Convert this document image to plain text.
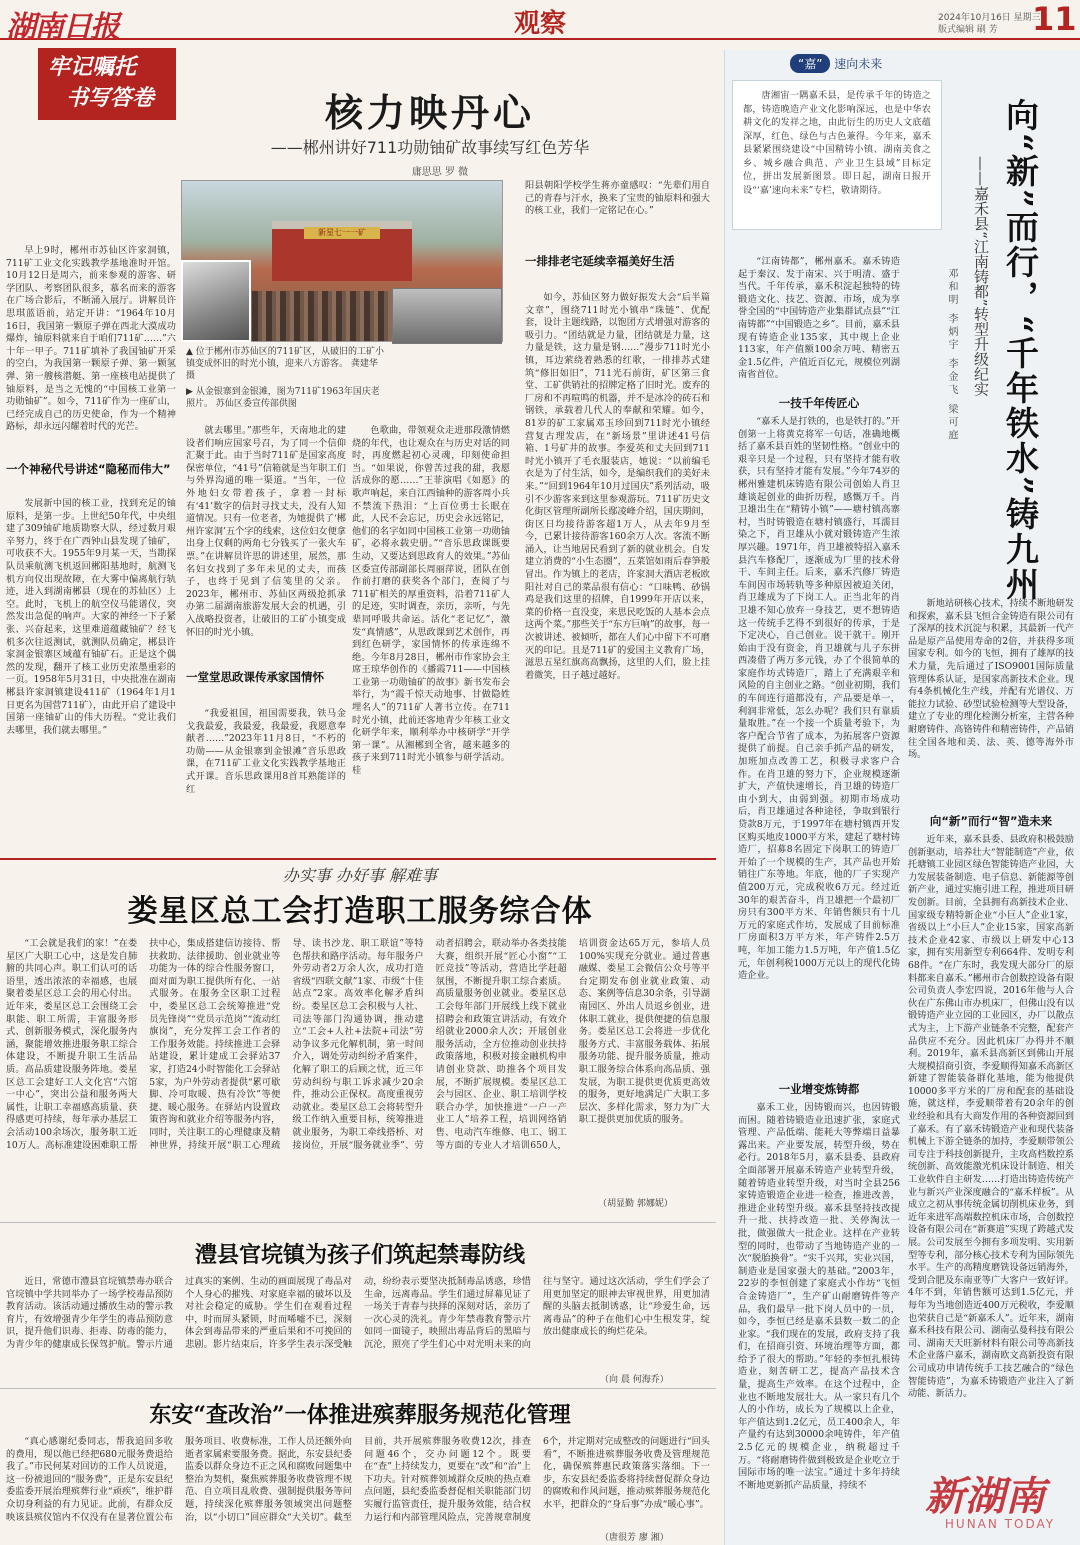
湖南日报	观察	2024年10月16日 星期三
版式编辑 刷 芳 11
牢记嘱托
书写答卷	核力映丹心
——郴州讲好711功勋铀矿故事续写红色芳华
庸思思 罗 微
新星七一一矿
▲ 位于郴州市苏仙区的711矿区，从破旧的工矿小镇变成怀旧的时光小镇，迎来八方游客。 龚建华 摄
▶ 从金银寨到金银滩，图为711矿1963年国庆老照片。 苏仙区委宣传部供图

早上9时，郴州市苏仙区许家洞镇，711矿工业文化实践教学基地准时开馆。10月12日是周六，前来参观的游客、研学团队、考察团队很多，慕名而来的游客在广场合影后，不断涌入展厅。讲解员许思琪蓝语前，站定开讲：“1964年10月16日，我国第一颗原子弹在西北大漠成功爆炸，铀原料就来自于咱们711矿……”六十年一甲子。711矿填补了我国铀矿开采的空白，为我国第一颗原子弹、第一颗氢弹、第一艘核潜艇、第一座核电站提供了铀原料，是当之无愧的“中国核工业第一功勋铀矿”。如今，711矿作为一座矿山，已经完成自己的历史使命，作为一个精神路标，却永远闪耀着时代的光芒。

一个神秘代号讲述“隐秘而伟大”

发展新中国的核工业，找到充足的铀原料，是第一步。上世纪50年代，中央组建了309铀矿地质勘察大队，经过数月艰辛努力，终于在广西钟山县发现了铀矿，可收获不大。1955年9月某一天，当勘探队员乘航测飞机返回郴阳基地时，航测飞机方向仪出现故障，在大雾中偏离航行轨迹，进入到湖南郴县（现在的苏仙区）上空。此时，飞机上的航空仪马能谱仪，突然发出急促的响声。大家的神经一下子紧张、兴奋起来，这里难道蕴藏铀矿？经飞机多次往返测试，就测队员确定，郴县许家洞金银寨区域蕴有铀矿石。正是这个偶然的发现，翻开了核工业历史浓墨重彩的一页。1958年5月31日，中央批准在湖南郴县许家洞镇建设411矿（1964年1月1日更名为国营711矿），由此开启了建设中国第一座铀矿山的伟大历程。“党让我们去哪里，我们就去哪里。”

就去哪里。”那些年，天南地北的建设者们响应国家号召，为了同一个信仰汇聚于此。由于当时711矿是国家高度保密单位，“41号”信箱就是当年职工们与外界沟通的唯一渠道。“当年，一位外地妇女带着孩子，拿着一封标有‘41’数字的信封寻找丈夫，没有人知道情况。只有一位老者，为她提供了‘郴州许家洞’五个字的线索，这位妇女便拿出身上仅剩的两角七分钱买了一张火车票。”在讲解员许思的讲述里，展然，那名妇女找到了多年未见的丈夫，而孩子，也终于见到了信笺里的父亲。2023年，郴州市、苏仙区两级抢抓承办第二届湖南旅游发展大会的机遇，引入战略投资者，让破旧的工矿小镇变成怀旧的时光小镇。

一堂堂思政课传承家国情怀

“我爱祖国，祖国需要我，铁马金戈我最爱，我最爱，我最爱，我愿意奉献者……”2023年11月8日，“不朽的功勋——从金银寨到金银滩”音乐思政课，在711矿工业文化实践教学基地正式开课。音乐思政课用8首耳熟能详的红

色歌曲，带领观众走进那段激情燃烧的年代，也让观众在与历史对话的同时，再度燃起初心灵魂，印刻使命担当。“如果说，你曾苦过我的甜，我愿活成你的愿……”王菲演唱《如愿》的歌声响起，来自江西铀种的游客周小兵不禁流下热泪：“上百位勇士长眠在此，人民不会忘记，历史会永远铭记，他们的名字如同中国核工业第一功勋铀矿，必将永载史册。”“音乐思政课既要生动，又要达到思政育人的效果。”苏仙区委宣传部副部长周丽萍说，团队在创作前打磨的获奖各个部门，查阅了与711矿相关的厚重资料，沿着711矿人的足迹，实时调查，亲历，亲听，与先辈同呼吸共命运。活化“老记忆”，激发“真情感”，从思政课到艺术创作，再到红色研学，家国情怀的传承连绵不绝。今年8月28日，郴州市作家协会主席王琼华创作的《播霞711——中国核工业第一功勋铀矿的故事》新书发布会举行，为“霞千惊天动地事、甘做隐姓埋名人”的711矿人著书立传。在711时光小镇，此前还客地青少年核工业文化研学年来，顺利举办中核研学“开学第一课”。从湘郴到全省，越来越多的孩子来到711时光小镇参与研学活动。桂

阳县朝阳学校学生蒋亦童感叹：“先辈们用自己的青春与汗水，换来了宝贵的铀原料和强大的核工业，我们一定铭记在心。”

一排排老宅延续幸福美好生活

如今，苏仙区努力做好振发大会“后半篇文章”，围绕711时光小镇串“珠链”、优配套，设计主题线路，以饱团方式增强对游客的吸引力。“团结就是力量，团结就是力量，这力量是铁，这力量是钢……”漫步711时光小镇，耳边萦绕着熟悉的红歌，一排排苏式建筑“修旧如旧”，711光石前街，矿区第三食堂、工矿供销社的招牌定格了旧时光。废弃的厂房和不再喧鸣的机器，并不是冰冷的砖石和钢铁，承载着几代人的奉献和荣耀。如今，81岁的矿工家属邓玉珍回到711时光小镇经营复古理发店，在“新场景”里讲述41号信箱、1号矿井的故事。李爱英和丈夫回到711时光小镇开了毛衣服装店，她说：“以前编毛衣是为了付生活，如今，是编织我们的美好未来。”“回到1964年10月过国庆”系列活动，吸引不少游客来到这里参观游玩。711矿历史文化街区管理所副所长鄢凌峰介绍，国庆期间，街区日均接待游客超1万人，从去年9月至今，已累计接待游客160余万人次。客流不断涌入，让当地居民看到了新的就业机会。自发建立消费的“小生态圈”，五菜馆如雨后春笋般冒出。作为镇上的老店，许家洞大酒店老板欧阳社对自己的菜品很有信心：“口味鸭、砂锅鸡是我们这里的招牌，自1999年开店以来，菜的价格一直没变，来思民吃饭的人基本会点这两个菜。”那些关于“东方巨响”的故事，每一次被讲述、被倾听，都在人们心中留下不可磨灭的印记。且是711矿的爱国主义教育广场，滋思五星红旗高高飘扬，这里的人们，脸上挂着微笑，日子越过越好。

办实事 办好事 解难事
娄星区总工会打造职工服务综合体

“工会就是我们的家！”在娄星区广大职工心中，这是发自肺腑的共同心声。职工们认可的话语里，透出浓浓的幸福感，也展聚着娄星区总工会的用心付出。近年来，娄星区总工会围绕工会职能、职工所需，丰富服务形式、创新服务模式，深化服务内涵，聚能增效推进服务职工综合体建设，不断提升职工生活品质。高品质建设服务阵地。娄星区总工会建好工人文化宫“六馆一中心”，突出公益和服务两大属性，让职工幸福感高质量、获得感更可持续，每年承办基层工会活动100余场次，服务职工近10万人。高标准建设困难职工帮扶中心，集成搭建信访接待、帮扶救助、法律援助、创业就业等功能为一体的综合性服务窗口，面对面为职工提供所有化、一站式服务。在服务全区职工过程中，娄星区总工会统筹推进“党员先锋岗”“党员示范岗”“流动红旗岗”，充分发挥工会工作者的工作服务效能。持续推进工会驿站建设，累计建成工会驿站37家，打造24小时智能化工会驿站5家，为户外劳动者提供“累可歇脚、冷可取暖、热有冷饮”等便捷、暖心服务。在驿站内设置政策咨询和就业介绍等服务内容，同时，关注职工的心理健康及精神世界，持续开展“职工心理疏导、读书沙龙、职工联谊”等特色帮扶和路序活动。每年服务户外劳动者2万余人次，成功打造省级“四联文献”1家、市级“十佳站点”2家。高效率化解矛盾纠纷。娄星区总工会积极与人社、司法等部门沟通协调，推动建立“工会+人社+法院+司法”劳动争议多元化解机制，第一时间介入，调处劳动纠纷矛盾案件，化解了职工的后顾之忧，近三年劳动纠纷与职工诉求减少20余件，推动公正保权。高度重视劳动就业。娄星区总工会将转型升级工作纳入重要目标，统筹推进就业服务，为职工牵线搭桥、对接岗位，开展“服务就业季”、劳动者招聘会，联动举办各类技能大赛，组织开展“匠心小窗”“工匠竞技”等活动，营造比学赶超氛围，不断提升职工综合素质。高质量服务创业就业。娄星区总工会每年部门开展线上线下就业招聘会和政策宣讲活动，有效介绍就业2000余人次；开展创业服务活动，全方位推动创业扶持政策落地，积极对接金融机构申请创业贷款、助推各个项目发展，不断扩展规模。娄星区总工会与园区、企业、职工培训学校联合办学，加快推进“一户一产业工人”培养工程，培训网络销售、电动汽车维修、电工、钢工等方面的专业人才培训650人，培训资金达65万元，参培人员100%实现充分就业。通过普惠融媒、娄星工会微信公众号等平台定期发布创业就业政策、动态、案例等信息30余条，引导湖南园区、外出人员返乡创业，进体职工就业，提供便捷的信息服务。娄星区总工会将进一步优化服务方式、丰富服务载体、拓展服务功能、提升服务质量，推动职工服务综合体系向高品质、强发展，为职工提供更优质更高效的服务，更好地满足广大职工多层次、多样化需求，努力为广大职工提供更加优质的服务。

（胡显勤 郭娜妮）
澧县官垸镇为孩子们筑起禁毒防线

近日，常德市澧县官垸镇禁毒办联合官垸镇中学共同举办了一场学校毒品预防教育活动。该活动通过播放生动的警示教育片，有效增强青少年学生的毒品预防意识，提升他们识毒、拒毒、防毒的能力，为青少年的健康成长保驾护航。警示片通过真实的案例、生动的画面展现了毒品对个人身心的摧残、对家庭幸福的破坏以及对社会稳定的威胁。学生们在观看过程中，时而屏头紧锁，时而唏嘘不已，深刻体会到毒品带来的严重后果和不可挽回的悲剧。影片结束后，许多学生表示深受触动，纷纷表示要坚决抵制毒品诱惑，珍惜生命，远离毒品。学生们通过屏幕见证了一场关于青春与抉择的深刻对话，亲历了一次心灵的洗礼。青少年禁毒教育警示片如同一面镜子，映照出毒品背后的黑暗与沉沦，照亮了学生们心中对光明未来的向往与坚守。通过这次活动，学生们学会了用更加坚定的眼神去审视世界，用更加清醒的头脑去抵制诱惑，让“珍爱生命，远离毒品”的种子在他们心中生根发芽，绽放出健康成长的绚烂花朵。

（向 晨 何海乔）
东安“查改治”一体推进殡葬服务规范化管理

“真心感谢纪委同志，帮我追回多收的费用，现以他已经把680元服务费退给我了。”市民何某对回访的工作人员说道，这一份被退回的“服务费”，正是东安县纪委监委开展治理殡葬行业“顽疾”，维护群众切身利益的有力见证。此前，有群众反映该县殡仪馆内不仅没有在显著位置公布服务项目、收费标准，工作人员还额外向逝者家属索要服务费。据此，东安县纪委监委以群众身边不正之风和腐败问题集中整治为契机，聚焦殡葬服务收费管理不规范、自立项目乱收费、强制提供服务等问题，持续深化殡葬服务领域突出问题整治，以“小切口”回应群众“大关切”。截至目前，共开展殡葬服务收费12次，排查问题46个，交办问题12个。既要在“查”上持续发力，更要在“改”和“治”上下功夫。针对殡葬领域群众反映的热点难点问题，县纪委监委督促相关职能部门切实履行监管责任，提升服务效能，结合权力运行和内部管理风险点，完善规章制度6个，并定期对完成整改的问题进行“回头看”，不断推进殡葬服务收费及管理规范化，确保殡葬惠民政策落实落细。下一步，东安县纪委监委将持续督促群众身边的腐败和作风问题，推动殡葬服务规范化水平，把群众的“身后事”办成“暖心事”。

（唐很芳 廖 湘）
“嘉” 速向未来
唐湘宙一隅嘉禾县，是传承千年的铸造之都，铸造晚造产业文化影响深远，也是中华农耕文化的发祥之地，由此衍生的历史人文底蕴深厚，红色、绿色与古色兼得。今年来，嘉禾县紧紧围绕建设“中国精铸小镇、湖南美食之乡、城乡融合典范、产业卫生县域”目标定位，拼出发展新图景。即日起，湖南日报开设“‘嘉’速向未来”专栏，敬请期待。	向“新”而行，“千年铁水”铸九州
——嘉禾县“江南铸都”转型升级纪实
邓和明 李炳宇 李金飞 梁可庭

“江南铸都”，郴州嘉禾。嘉禾铸造起于秦汉、发于南宋、兴于明清、盛于当代。千年传承，嘉禾积淀起独特的铸锻造文化、技艺、资源、市场，成为享誉全国的“中国铸造产业集群试点县”“江南铸都”“中国锻造之乡”。目前，嘉禾县现有铸造企业135家，其中规上企业113家，年产值额100余万吨、精密五金1.5亿件，产值近百亿元，规模位列湖南省首位。

一技千年传匠心

“嘉禾人是打铁的，也是铁打的。”开创第一上将黄克将军一句话，准确地概括了嘉禾县百姓的坚韧性格。“创业中的艰辛只是一个过程，只有坚持才能有收获，只有坚持才能有发展。”今年74岁的郴州雅建机床铸造有限公司创始人肖卫雄谈起创业的曲折历程，感慨万千。肖卫雄出生在“精铸小镇”——塘村镇高寨村，当时铸锻造在塘村镇盛行，耳濡目染之下，肖卫雄从小就对锻铸造产生浓厚兴趣。1971年，肖卫雄被特招入嘉禾县汽车修配厂，逐渐成为厂里的技术骨干、车间主任。后来，嘉禾汽修厂铸造车间因市场转轨等多种原因被迫关闭，肖卫雄成为了下岗工人。正当北年的肖卫雄不知心放弃一身技艺，更不想铸造这一传统手艺得不到很好的传承，于是下定决心，自己创业。说干就干。刚开始由于没有资金，肖卫雄就与儿子东拼西凑借了两万多元钱，办了个很简单的家庭作坊式铸造厂，踏上了充满艰辛和风险的自主创业之路。“创业初期，我们的车间连行道都没有，产品要是单一，利润非常低，怎么办呢？我们只有靠质量取胜。”在一个接一个质量考验下，为客户配合节省了成本，为拓展客户资源提供了前提。自己亲手抓产品的研发，加班加点改善工艺，积极寻求客户合作。在肖卫雄的努力下，企业规模逐渐扩大，产值快速增长，肖卫雄的铸造厂由小到大，由弱到强。初期市场成功后，肖卫雄通过各种途径，争取到银行贷款8万元，于1997年在塘村镇西开发区购买地皮1000平方米，建起了塘村铸造厂，招募8名固定下岗职工的铸造厂开始了一个规模的生产，其产品也开始销往广东等地。年底，他的厂子实现产值200万元，完成税收6万元。经过近30年的艰苦奋斗，肖卫雄把一个最初厂房只有300平方米、年销售额只有十几万元的家庭式作坊，发展成了目前标准厂房面积3万平方米，年产铸件2.5万吨，年加工能力1.5万吨，年产值1.5亿元，年创利税1000万元以上的现代化铸造企业。

一业增变炼铸都

嘉禾工业，因铸锻而兴，也因铸锻而困。随着铸锻造业迅速扩张，家庭式管理、产品低端、能耗大等弊端日益暴露出来。产业要发展，转型升级，势在必行。2018年5月，嘉禾县委、县政府全面部署开展嘉禾铸造产业转型升级，随着铸造业转型升级，对当时全县256家铸造锻造企业进一检查，推进改善，推进企业转型升级。嘉禾县坚持技改提升一批、扶持改造一批、关停淘汰一批，做强做大一批企业。这样在产业转型的同时，也带动了当地铸造产业的一次“脱胎换骨”。“实千兴邦，实业兴国，制造业是国家强大的基础。”2003年，22岁的李恒创建了家庭式小作坊“飞恒合金铸造厂”，生产矿山耐磨铸件等产品，我们最早一批下岗人员中的一员，如今，李恒已经是嘉禾县数一数二的企业家。“我们现在的发展，政府支持了我们，在招商引资、环境治理等方面，都给予了很大的帮助。”年轻的李恒扎根铸造业，刻苦研工艺，提高产品技术含量，提高生产效率。在这个过程中，企业也不断地发展壮大。从一家只有几个人的小作坊，成长为了规模以上企业，年产值达到1.2亿元，员工400余人，年产量约有达到30000余吨铸件，年产值2.5亿元的规模企业，纳税超过千万。“将耐磨铸件做到极致是企业吃立于国际市场的唯一法宝。”通过十多年持续不断地更新抓产品质量，持续不

新地站研核心技术，持续不断地研发和探索，嘉禾县飞恒合金铸造有限公司有了深厚的技术沉淀与积累，其最新一代产品是原产品使用寿命的2倍，并获得多项国家专利。如今的飞恒，拥有了雄厚的技术力量，先后通过了ISO9001国际质量管理体系认证，是国家高新技术企业。现有4条机械化生产线，并配有光谱仪、万能拉力试验、砂型试验检测等大型设备，建立了专业的理化检测分析室，主营各种耐磨铸件、高铬铸件和精密铸件，产品销往全国各地和美、法、英、德等海外市场。

向“新”而行“智”造未来

近年来，嘉禾县委、县政府积极鼓励创新驱动，培养壮大“智能制造”产业，依托塘镇工业园区绿色智能铸造产业园，大力发展装备制造、电子信息、新能源等创新产业，通过实施引进工程，推进项目研发创新。目前，全县拥有高新技术企业、国家级专精特新企业“小巨人”企业1家，省级以上“小巨人”企业15家，国家高新技术企业42家、市级以上研发中心13家，拥有实用新型专利664件、发明专利68件。“在广东时，我发现大部分厂的原料都来自嘉禾。”郴州市合创数控设备有限公司负责人李宏四说，2016年他与人合伙在广东佛山市办机床厂，但佛山没有以锻铸造产业立园的工业园区，办厂以散点式为主，上下游产业链条不完整，配套产品供应不充分。因此机床厂办得并不顺利。2019年，嘉禾县高新区到佛山开展大规模招商引资，李爱顺得知嘉禾高新区新建了智能装备群化基地，能为他提供10000多平方米的厂房和配套的基础设施，就这样，李爱顺带着有20余年的创业经验和具有大商发作用的各种资源回到了嘉禾。有了嘉禾铸锻造产业和现代装备机械上下游全链条的加持，李爱顺带领公司专注于科技创新提升，主攻高档数控系统创新、高效能激光机床设计制造、相关工业软件自主研发……打造出铸造传统产业与新兴产业深度融合的“嘉禾样板”。从成立之初从事传统金属切削机床业务，到近年来进军高端数控机床市场，合创数控设备有限公司在“新赛道”实现了跨越式发展。公司发展至今拥有多项发明、实用新型等专利，部分核心技术专利为国际领先水平。生产的高精度磨铣设备远销海外，受到合肥及东南亚等广大客户一致好评。4年不到，年销售额可达到1.5亿元，并每年为当地创造近400万元税收，李爱顺也荣获自己是“新嘉禾人”。近年来，湖南嘉禾科技有限公司、湖南弘曼科技有限公司、湖南天天旺新材料有限公司等高新技术企业落户嘉禾，湖南欧文高新投资有限公司成功申请传统手工技艺融合的“绿色智能铸造”，为嘉禾铸锻造产业注入了新动能、新活力。

新湖南
HUNAN TODAY
